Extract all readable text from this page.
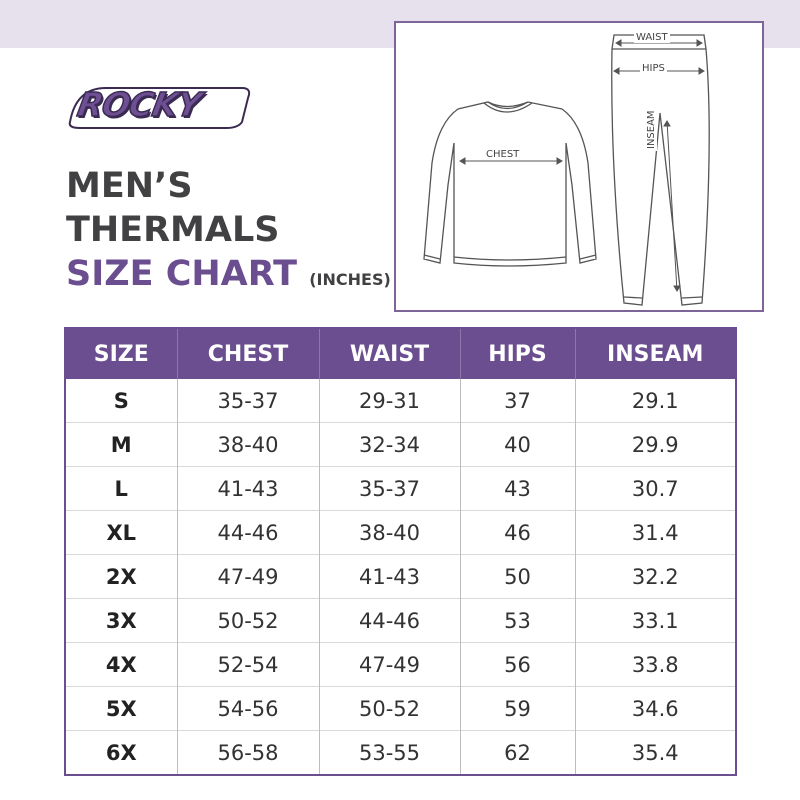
ROCKY
MEN’S
THERMALS
SIZE CHART (INCHES)
CHEST
WAIST
HIPS
INSEAM
SIZE	CHEST	WAIST	HIPS	INSEAM
S	35-37	29-31	37	29.1
M	38-40	32-34	40	29.9
L	41-43	35-37	43	30.7
XL	44-46	38-40	46	31.4
2X	47-49	41-43	50	32.2
3X	50-52	44-46	53	33.1
4X	52-54	47-49	56	33.8
5X	54-56	50-52	59	34.6
6X	56-58	53-55	62	35.4
